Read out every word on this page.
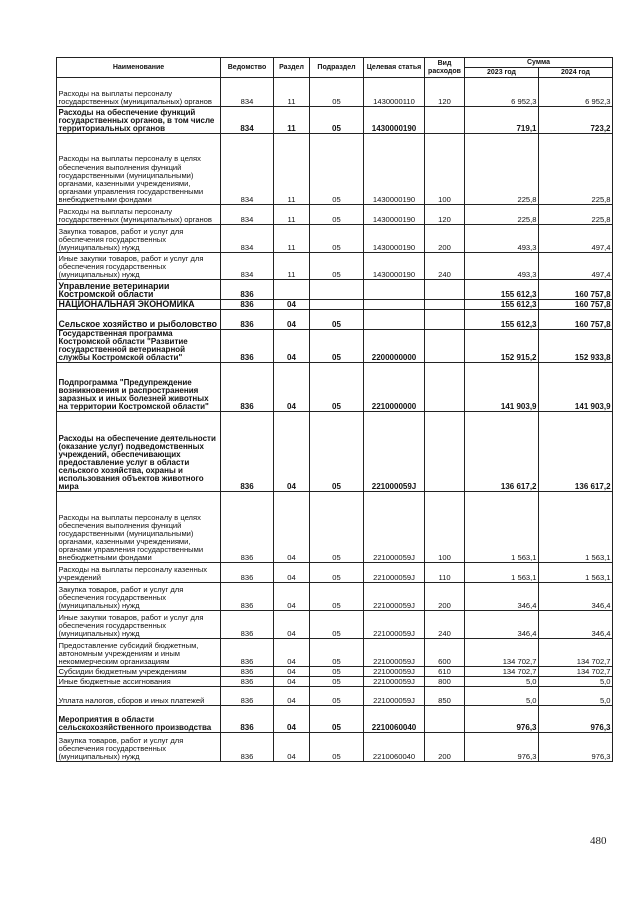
Наименование	Ведомство	Раздел	Подраздел	Целевая статья	Вид расходов	Сумма	
						2023 год	2024 год
Расходы на выплаты персоналу государственных (муниципальных) органов	834	11	05	1430000110	120	6 952,3	6 952,3
Расходы на обеспечение функций государственных органов, в том числе территориальных органов	834	11	05	1430000190		719,1	723,2
Расходы на выплаты персоналу в целях обеспечения выполнения функций государственными (муниципальными) органами, казенными учреждениями, органами управления государственными внебюджетными фондами	834	11	05	1430000190	100	225,8	225,8
Расходы на выплаты персоналу государственных (муниципальных) органов	834	11	05	1430000190	120	225,8	225,8
Закупка товаров, работ и услуг для обеспечения государственных (муниципальных) нужд	834	11	05	1430000190	200	493,3	497,4
Иные закупки товаров, работ и услуг для обеспечения государственных (муниципальных) нужд	834	11	05	1430000190	240	493,3	497,4
Управление ветеринарии Костромской области	836					155 612,3	160 757,8
НАЦИОНАЛЬНАЯ ЭКОНОМИКА	836	04				155 612,3	160 757,8
Сельское хозяйство и рыболовство	836	04	05			155 612,3	160 757,8
Государственная программа Костромской области "Развитие государственной ветеринарной службы Костромской области"	836	04	05	2200000000		152 915,2	152 933,8
Подпрограмма "Предупреждение возникновения и распространения заразных и иных болезней животных на территории Костромской области"	836	04	05	2210000000		141 903,9	141 903,9
Расходы на обеспечение деятельности (оказание услуг) подведомственных учреждений, обеспечивающих предоставление услуг в области сельского хозяйства, охраны и использования объектов животного мира	836	04	05	221000059J		136 617,2	136 617,2
Расходы на выплаты персоналу в целях обеспечения выполнения функций государственными (муниципальными) органами, казенными учреждениями, органами управления государственными внебюджетными фондами	836	04	05	221000059J	100	1 563,1	1 563,1
Расходы на выплаты персоналу казенных учреждений	836	04	05	221000059J	110	1 563,1	1 563,1
Закупка товаров, работ и услуг для обеспечения государственных (муниципальных) нужд	836	04	05	221000059J	200	346,4	346,4
Иные закупки товаров, работ и услуг для обеспечения государственных (муниципальных) нужд	836	04	05	221000059J	240	346,4	346,4
Предоставление субсидий бюджетным, автономным учреждениям и иным некоммерческим организациям	836	04	05	221000059J	600	134 702,7	134 702,7
Субсидии бюджетным учреждениям	836	04	05	221000059J	610	134 702,7	134 702,7
Иные бюджетные ассигнования	836	04	05	221000059J	800	5,0	5,0
Уплата налогов, сборов и иных платежей	836	04	05	221000059J	850	5,0	5,0
Мероприятия в области сельскохозяйственного производства	836	04	05	2210060040		976,3	976,3
Закупка товаров, работ и услуг для обеспечения государственных (муниципальных) нужд	836	04	05	2210060040	200	976,3	976,3
480
